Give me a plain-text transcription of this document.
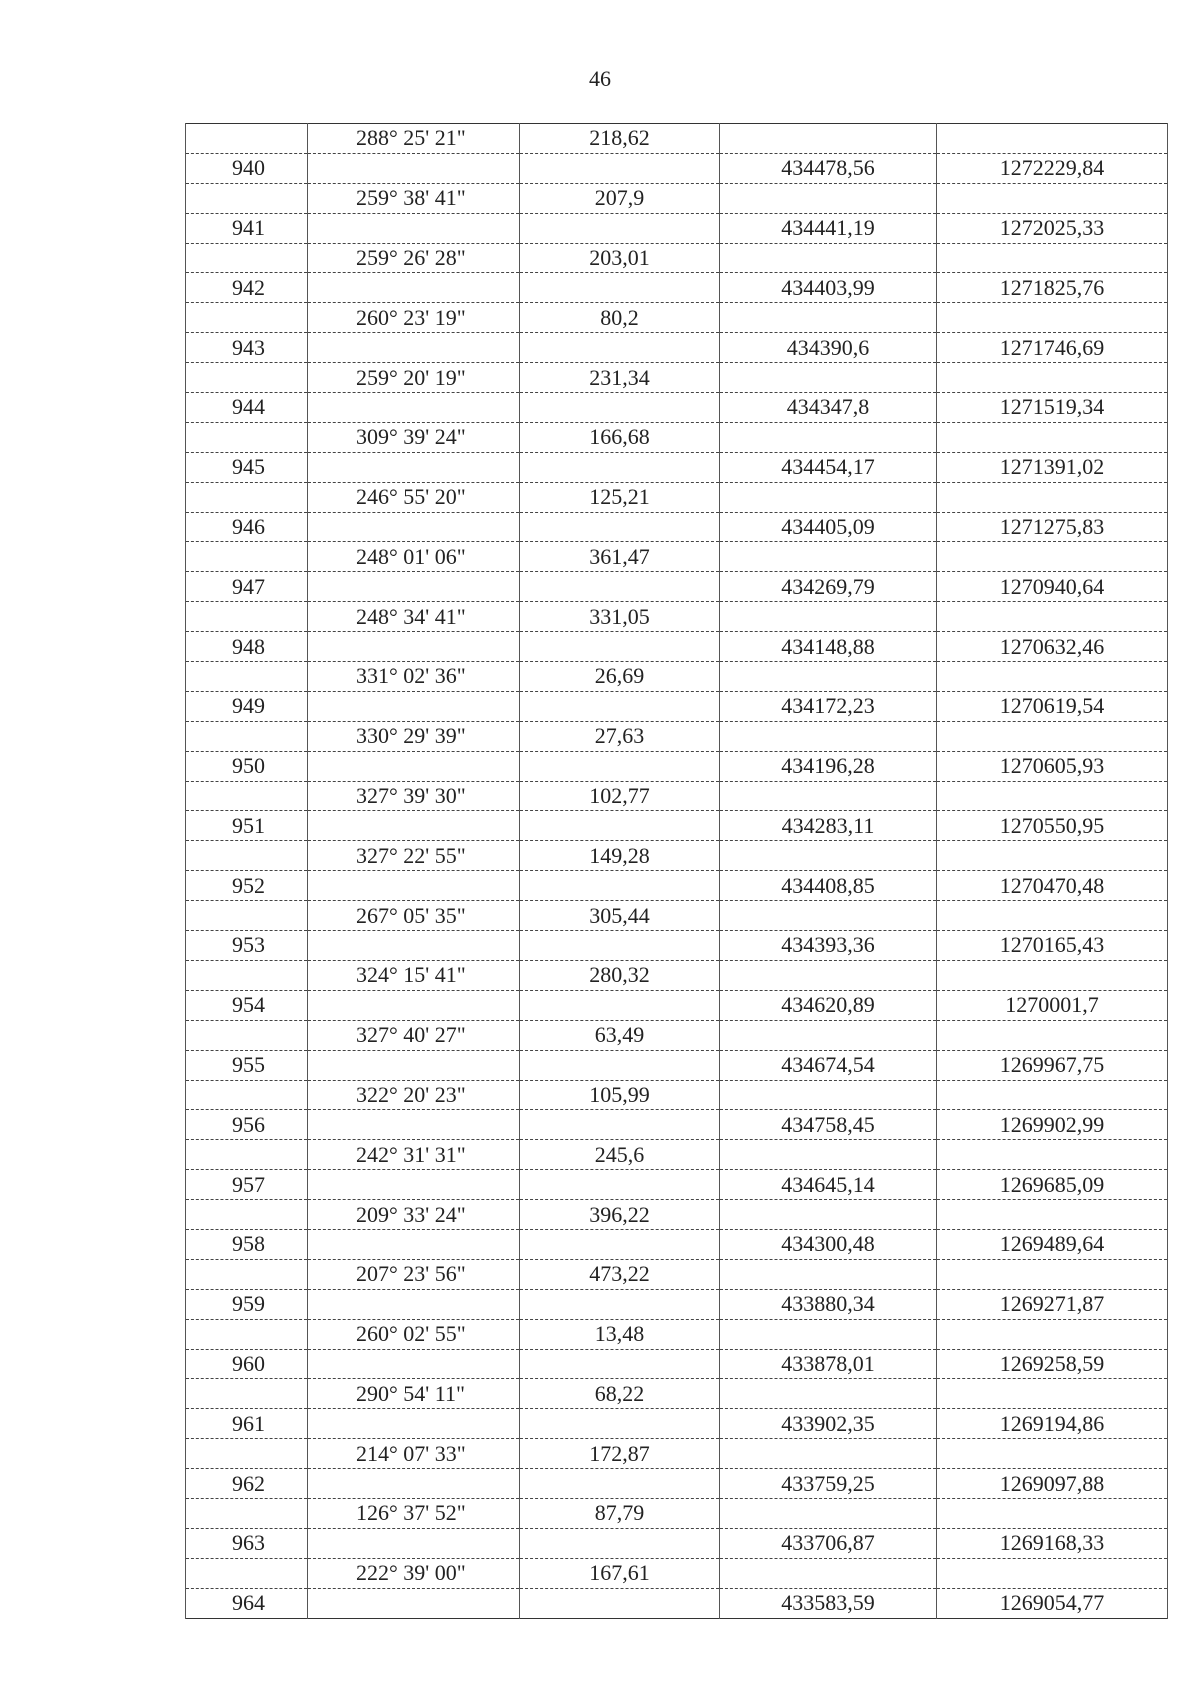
46
	288° 25' 21"	218,62		
940			434478,56	1272229,84
	259° 38' 41"	207,9		
941			434441,19	1272025,33
	259° 26' 28"	203,01		
942			434403,99	1271825,76
	260° 23' 19"	80,2		
943			434390,6	1271746,69
	259° 20' 19"	231,34		
944			434347,8	1271519,34
	309° 39' 24"	166,68		
945			434454,17	1271391,02
	246° 55' 20"	125,21		
946			434405,09	1271275,83
	248° 01' 06"	361,47		
947			434269,79	1270940,64
	248° 34' 41"	331,05		
948			434148,88	1270632,46
	331° 02' 36"	26,69		
949			434172,23	1270619,54
	330° 29' 39"	27,63		
950			434196,28	1270605,93
	327° 39' 30"	102,77		
951			434283,11	1270550,95
	327° 22' 55"	149,28		
952			434408,85	1270470,48
	267° 05' 35"	305,44		
953			434393,36	1270165,43
	324° 15' 41"	280,32		
954			434620,89	1270001,7
	327° 40' 27"	63,49		
955			434674,54	1269967,75
	322° 20' 23"	105,99		
956			434758,45	1269902,99
	242° 31' 31"	245,6		
957			434645,14	1269685,09
	209° 33' 24"	396,22		
958			434300,48	1269489,64
	207° 23' 56"	473,22		
959			433880,34	1269271,87
	260° 02' 55"	13,48		
960			433878,01	1269258,59
	290° 54' 11"	68,22		
961			433902,35	1269194,86
	214° 07' 33"	172,87		
962			433759,25	1269097,88
	126° 37' 52"	87,79		
963			433706,87	1269168,33
	222° 39' 00"	167,61		
964			433583,59	1269054,77
